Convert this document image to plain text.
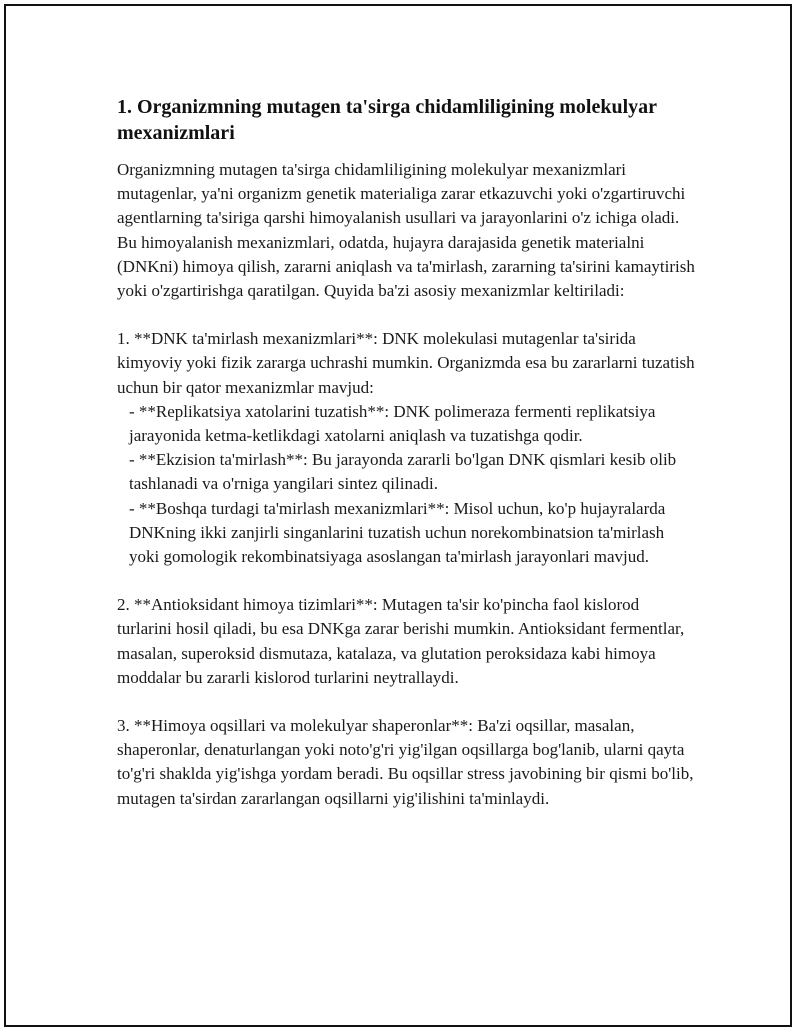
1. Organizmning mutagen ta'sirga chidamliligining molekulyar mexanizmlari

Organizmning mutagen ta'sirga chidamliligining molekulyar mexanizmlari mutagenlar, ya'ni organizm genetik materialiga zarar etkazuvchi yoki o'zgartiruvchi agentlarning ta'siriga qarshi himoyalanish usullari va jarayonlarini o'z ichiga oladi. Bu himoyalanish mexanizmlari, odatda, hujayra darajasida genetik materialni (DNKni) himoya qilish, zararni aniqlash va ta'mirlash, zararning ta'sirini kamaytirish yoki o'zgartirishga qaratilgan. Quyida ba'zi asosiy mexanizmlar keltiriladi:

1. **DNK ta'mirlash mexanizmlari**: DNK molekulasi mutagenlar ta'sirida kimyoviy yoki fizik zararga uchrashi mumkin. Organizmda esa bu zararlarni tuzatish uchun bir qator mexanizmlar mavjud:

- **Replikatsiya xatolarini tuzatish**: DNK polimeraza fermenti replikatsiya jarayonida ketma-ketlikdagi xatolarni aniqlash va tuzatishga qodir.

- **Ekzision ta'mirlash**: Bu jarayonda zararli bo'lgan DNK qismlari kesib olib tashlanadi va o'rniga yangilari sintez qilinadi.

- **Boshqa turdagi ta'mirlash mexanizmlari**: Misol uchun, ko'p hujayralarda DNKning ikki zanjirli singanlarini tuzatish uchun norekombinatsion ta'mirlash yoki gomologik rekombinatsiyaga asoslangan ta'mirlash jarayonlari mavjud.

2. **Antioksidant himoya tizimlari**: Mutagen ta'sir ko'pincha faol kislorod turlarini hosil qiladi, bu esa DNKga zarar berishi mumkin. Antioksidant fermentlar, masalan, superoksid dismutaza, katalaza, va glutation peroksidaza kabi himoya moddalar bu zararli kislorod turlarini neytrallaydi.

3. **Himoya oqsillari va molekulyar shaperonlar**: Ba'zi oqsillar, masalan, shaperonlar, denaturlangan yoki noto'g'ri yig'ilgan oqsillarga bog'lanib, ularni qayta to'g'ri shaklda yig'ishga yordam beradi. Bu oqsillar stress javobining bir qismi bo'lib, mutagen ta'sirdan zararlangan oqsillarni yig'ilishini ta'minlaydi.
